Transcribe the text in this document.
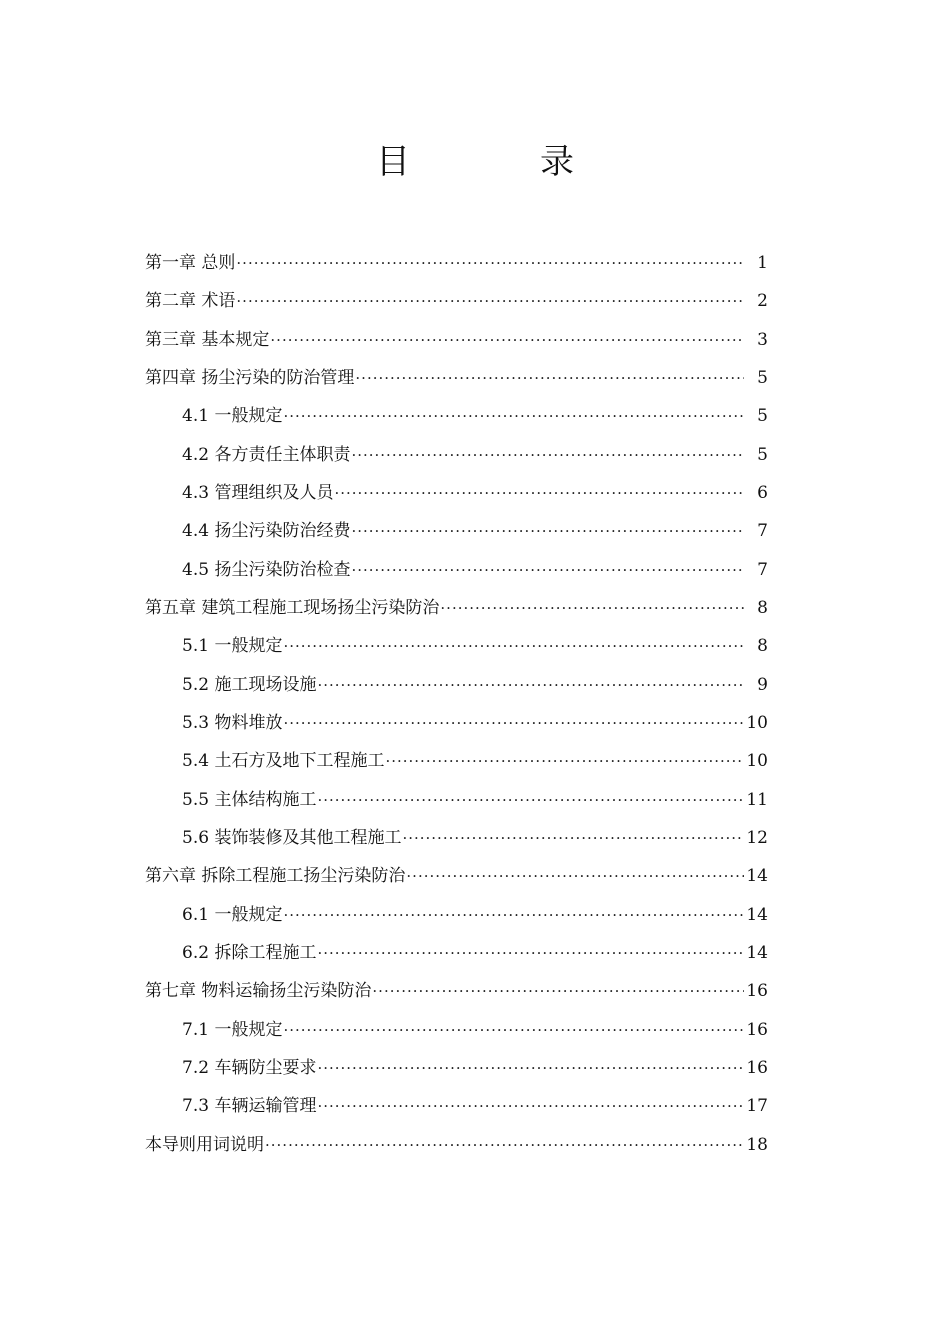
目　录
第一章 总则 ·····	1
第二章 术语 ·····	2
第三章 基本规定 ·····	3
第四章 扬尘污染的防治管理 ·····	5
4.1 一般规定 ·····	5
4.2 各方责任主体职责 ·····	5
4.3 管理组织及人员 ·····	6
4.4 扬尘污染防治经费 ·····	7
4.5 扬尘污染防治检查 ·····	7
第五章 建筑工程施工现场扬尘污染防治 ·····	8
5.1 一般规定 ·····	8
5.2 施工现场设施 ·····	9
5.3 物料堆放 ·····	10
5.4 土石方及地下工程施工 ·····	10
5.5 主体结构施工 ·····	11
5.6 装饰装修及其他工程施工 ·····	12
第六章 拆除工程施工扬尘污染防治 ·····	14
6.1 一般规定 ·····	14
6.2 拆除工程施工 ·····	14
第七章 物料运输扬尘污染防治 ·····	16
7.1 一般规定 ·····	16
7.2 车辆防尘要求 ·····	16
7.3 车辆运输管理 ·····	17
本导则用词说明 ·····	18
